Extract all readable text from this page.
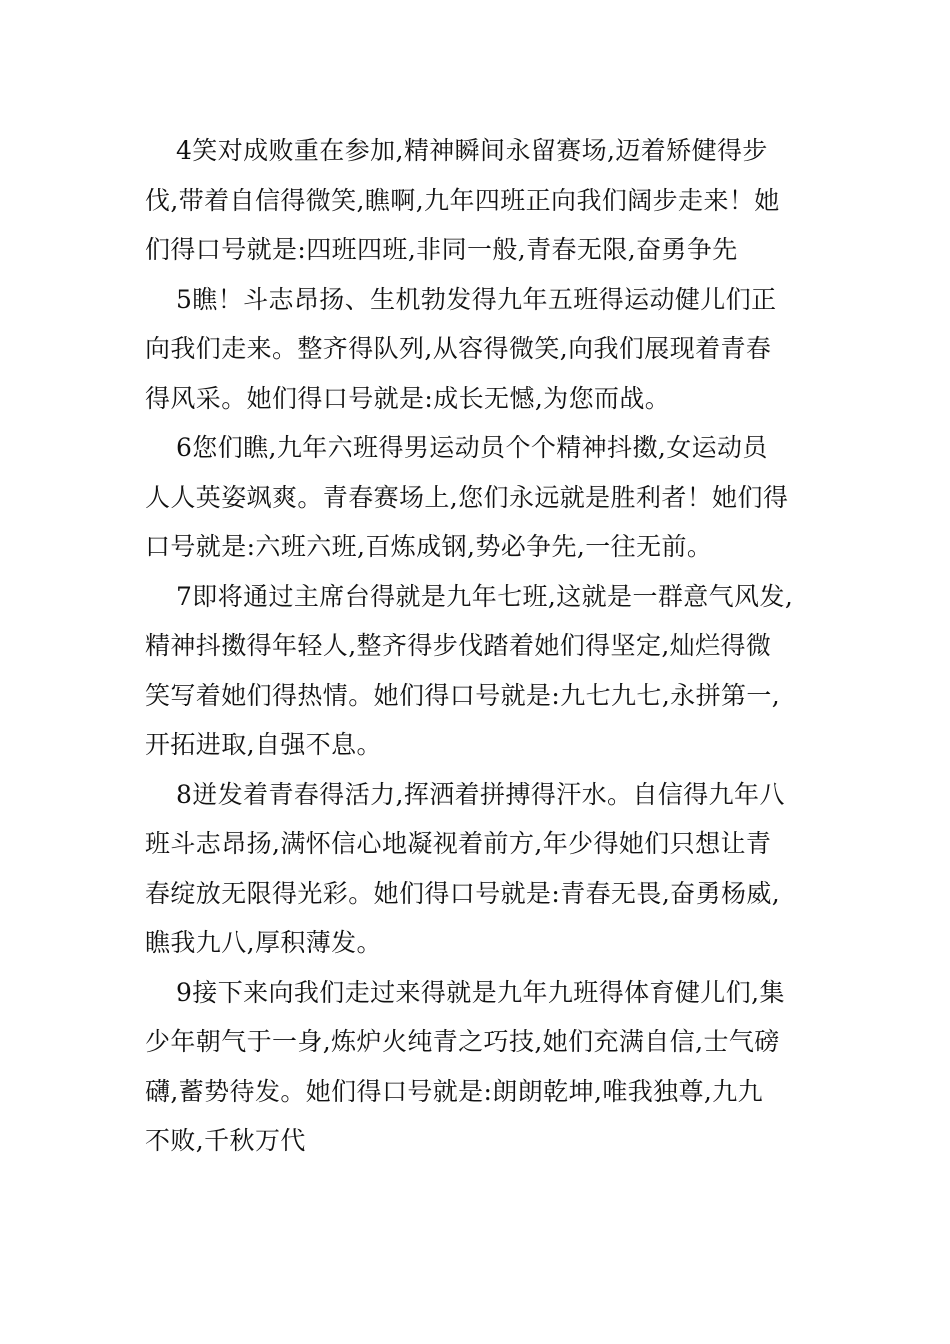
4笑对成败重在参加,精神瞬间永留赛场,迈着矫健得步
伐,带着自信得微笑,瞧啊,九年四班正向我们阔步走来！她
们得口号就是:四班四班,非同一般,青春无限,奋勇争先

5瞧！斗志昂扬、生机勃发得九年五班得运动健儿们正
向我们走来。整齐得队列,从容得微笑,向我们展现着青春
得风采。她们得口号就是:成长无憾,为您而战。

6您们瞧,九年六班得男运动员个个精神抖擞,女运动员
人人英姿飒爽。青春赛场上,您们永远就是胜利者！她们得
口号就是:六班六班,百炼成钢,势必争先,一往无前。

7即将通过主席台得就是九年七班,这就是一群意气风发,
精神抖擞得年轻人,整齐得步伐踏着她们得坚定,灿烂得微
笑写着她们得热情。她们得口号就是:九七九七,永拼第一,
开拓进取,自强不息。

8迸发着青春得活力,挥洒着拼搏得汗水。自信得九年八
班斗志昂扬,满怀信心地凝视着前方,年少得她们只想让青
春绽放无限得光彩。她们得口号就是:青春无畏,奋勇杨威,
瞧我九八,厚积薄发。

9接下来向我们走过来得就是九年九班得体育健儿们,集
少年朝气于一身,炼炉火纯青之巧技,她们充满自信,士气磅
礴,蓄势待发。她们得口号就是:朗朗乾坤,唯我独尊,九九
不败,千秋万代
